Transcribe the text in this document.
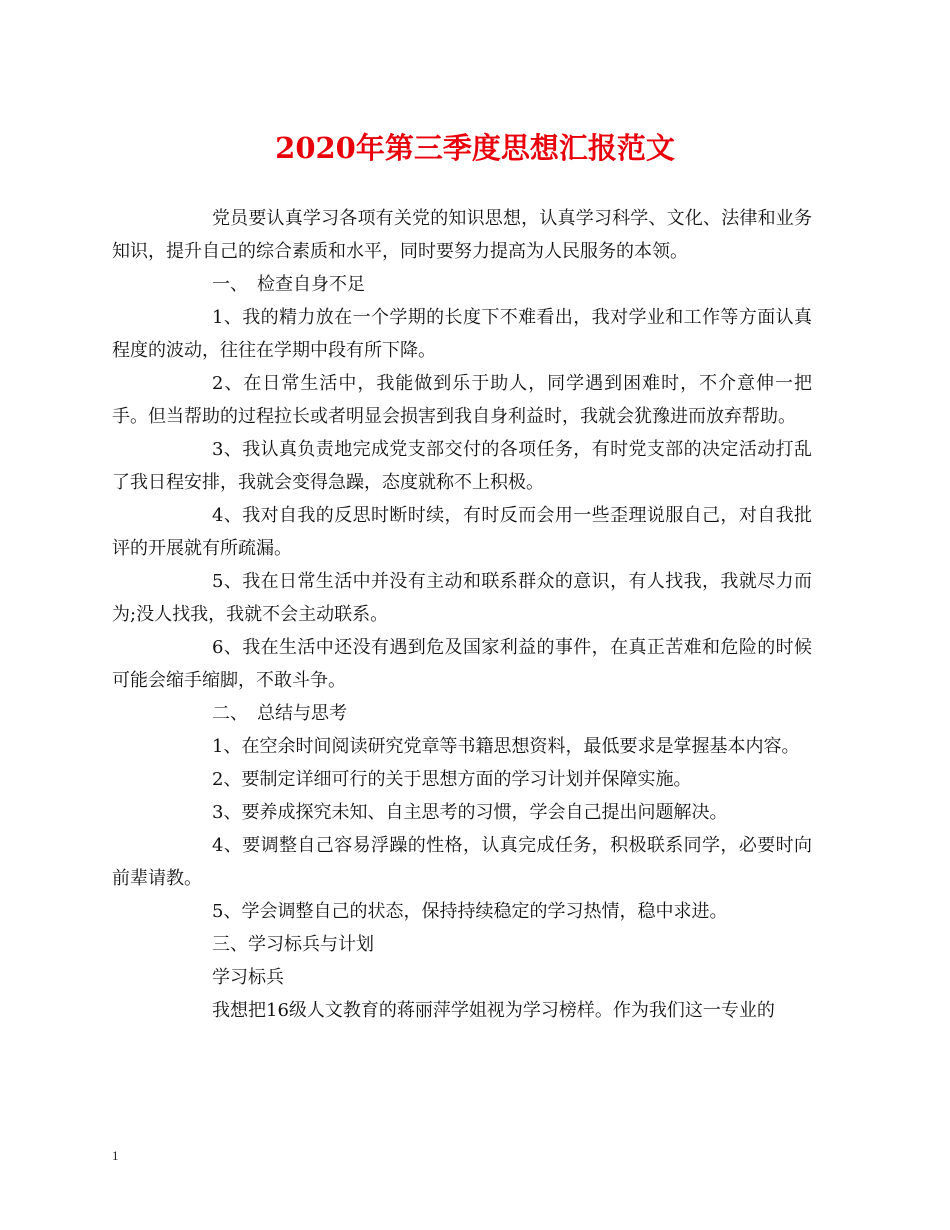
2020年第三季度思想汇报范文

党员要认真学习各项有关党的知识思想，认真学习科学、文化、法律和业务知识，提升自己的综合素质和水平，同时要努力提高为人民服务的本领。

一、　检查自身不足

1、我的精力放在一个学期的长度下不难看出，我对学业和工作等方面认真程度的波动，往往在学期中段有所下降。

2、在日常生活中，我能做到乐于助人，同学遇到困难时，不介意伸一把手。但当帮助的过程拉长或者明显会损害到我自身利益时，我就会犹豫进而放弃帮助。

3、我认真负责地完成党支部交付的各项任务，有时党支部的决定活动打乱了我日程安排，我就会变得急躁，态度就称不上积极。

4、我对自我的反思时断时续，有时反而会用一些歪理说服自己，对自我批评的开展就有所疏漏。

5、我在日常生活中并没有主动和联系群众的意识，有人找我，我就尽力而为;没人找我，我就不会主动联系。

6、我在生活中还没有遇到危及国家利益的事件，在真正苦难和危险的时候可能会缩手缩脚，不敢斗争。

二、　总结与思考

1、在空余时间阅读研究党章等书籍思想资料，最低要求是掌握基本内容。

2、要制定详细可行的关于思想方面的学习计划并保障实施。

3、要养成探究未知、自主思考的习惯，学会自己提出问题解决。

4、要调整自己容易浮躁的性格，认真完成任务，积极联系同学，必要时向前辈请教。

5、学会调整自己的状态，保持持续稳定的学习热情，稳中求进。

三、学习标兵与计划

学习标兵

我想把16级人文教育的蒋丽萍学姐视为学习榜样。作为我们这一专业的

1
